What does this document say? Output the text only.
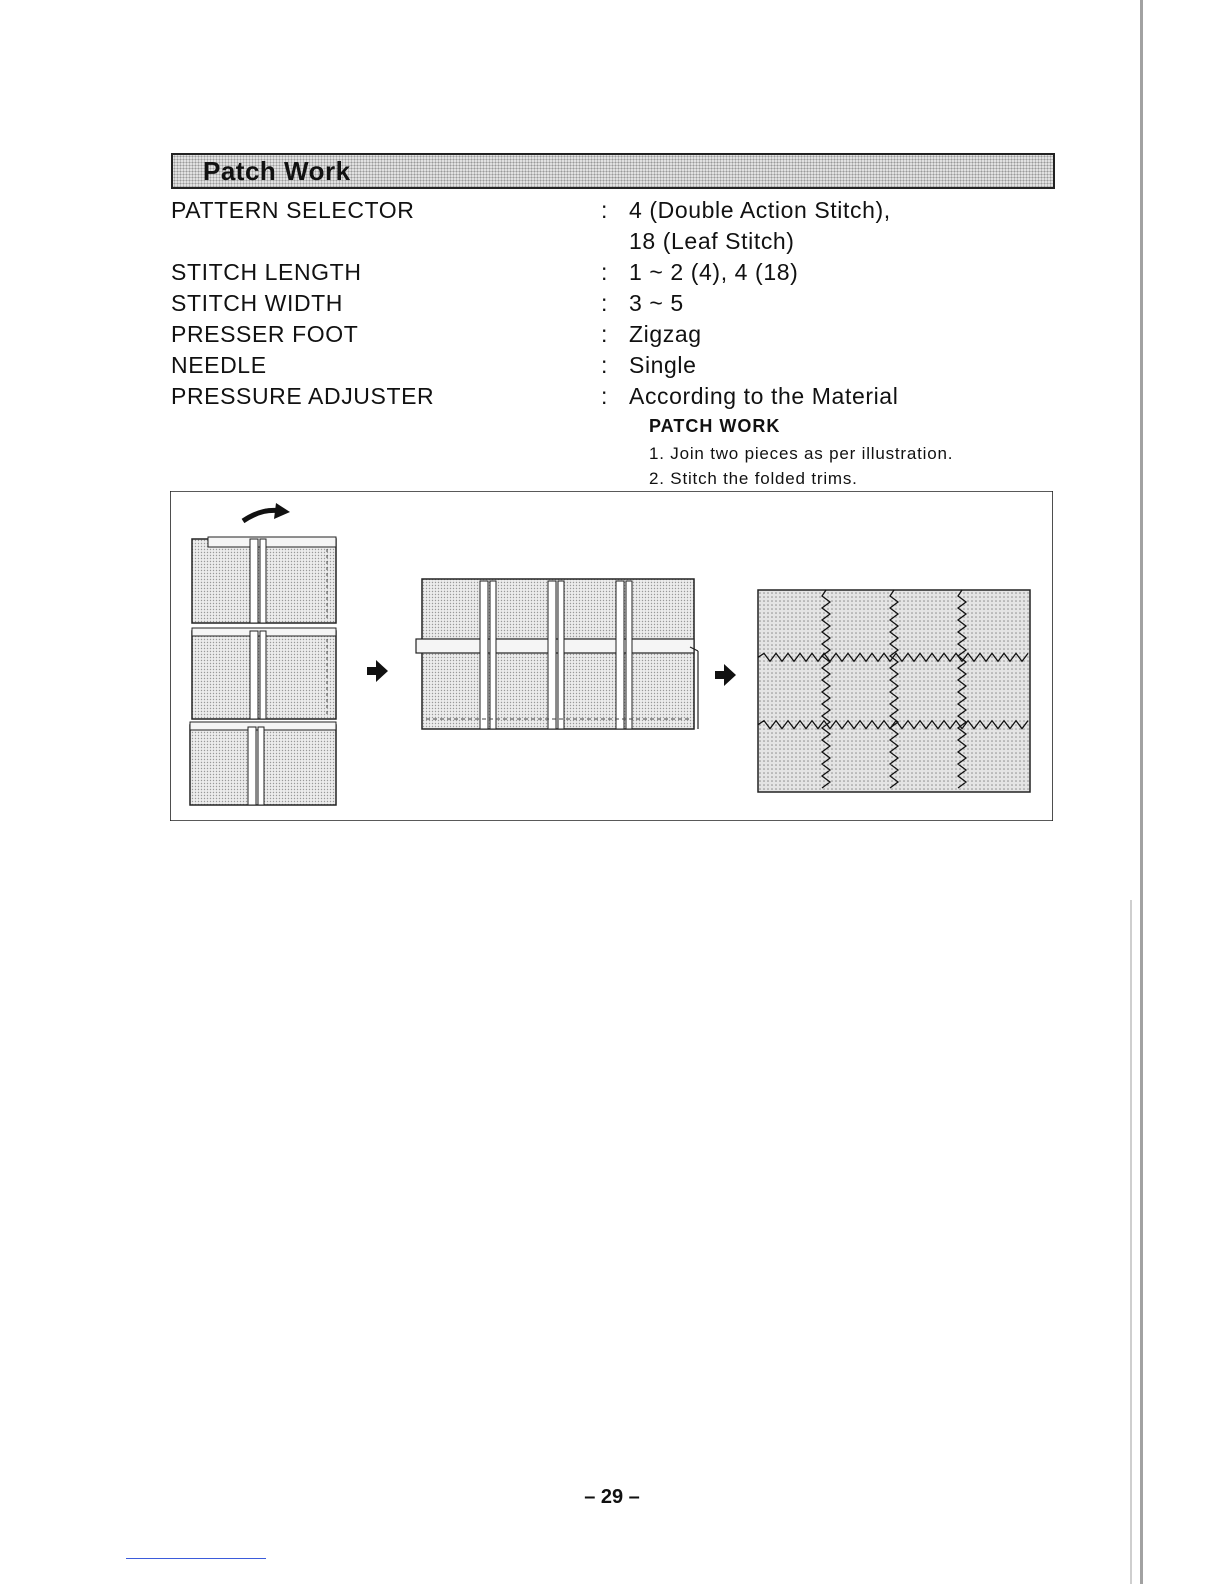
Patch Work
PATTERN SELECTOR	: 4 (Double Action Stitch),
18 (Leaf Stitch)
STITCH LENGTH	: 1 ~ 2 (4), 4 (18)
STITCH WIDTH	: 3 ~ 5
PRESSER FOOT	: Zigzag
NEEDLE	: Single
PRESSURE ADJUSTER	: According to the Material
PATCH WORK
1. Join two pieces as per illustration.
2. Stitch the folded trims.
– 29 –
